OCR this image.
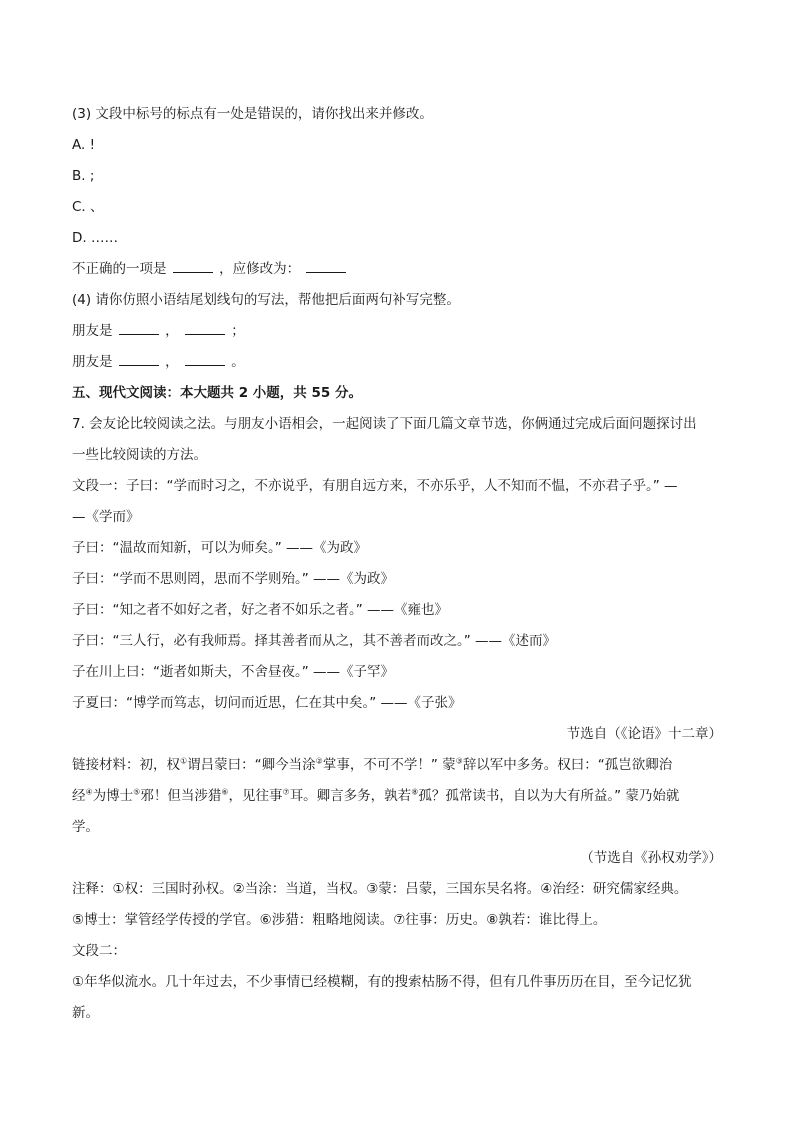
(3) 文段中标号的标点有一处是错误的，请你找出来并修改。
A. !
B. ;
C. 、
D. ……
不正确的一项是	，应修改为：
(4) 请你仿照小语结尾划线句的写法，帮他把后面两句补写完整。
朋友是	，	；
朋友是	，	。
五、现代文阅读：本大题共 2 小题，共 55 分。
7. 会友论比较阅读之法。与朋友小语相会，一起阅读了下面几篇文章节选，你俩通过完成后面问题探讨出
一些比较阅读的方法。
文段一：子曰：“学而时习之，不亦说乎，有朋自远方来，不亦乐乎，人不知而不愠，不亦君子乎。” —
—《学而》
子曰：“温故而知新，可以为师矣。” ——《为政》
子曰：“学而不思则罔，思而不学则殆。” ——《为政》
子曰：“知之者不如好之者，好之者不如乐之者。” ——《雍也》
子曰：“三人行，必有我师焉。择其善者而从之，其不善者而改之。” ——《述而》
子在川上曰：“逝者如斯夫，不舍昼夜。” ——《子罕》
子夏曰：“博学而笃志，切问而近思，仁在其中矣。” ——《子张》
节选自（《论语》十二章）
链接材料：初，权①谓吕蒙曰：“卿今当涂②掌事，不可不学！” 蒙③辞以军中多务。权曰：“孤岂欲卿治
经④为博士⑤邪！但当涉猎⑥，见往事⑦耳。卿言多务，孰若⑧孤？孤常读书，自以为大有所益。” 蒙乃始就
学。
（节选自《孙权劝学》）
注释：①权：三国时孙权。②当涂：当道，当权。③蒙：吕蒙，三国东吴名将。④治经：研究儒家经典。
⑤博士：掌管经学传授的学官。⑥涉猎：粗略地阅读。⑦往事：历史。⑧孰若：谁比得上。
文段二：
①年华似流水。几十年过去，不少事情已经模糊，有的搜索枯肠不得，但有几件事历历在目，至今记忆犹
新。
